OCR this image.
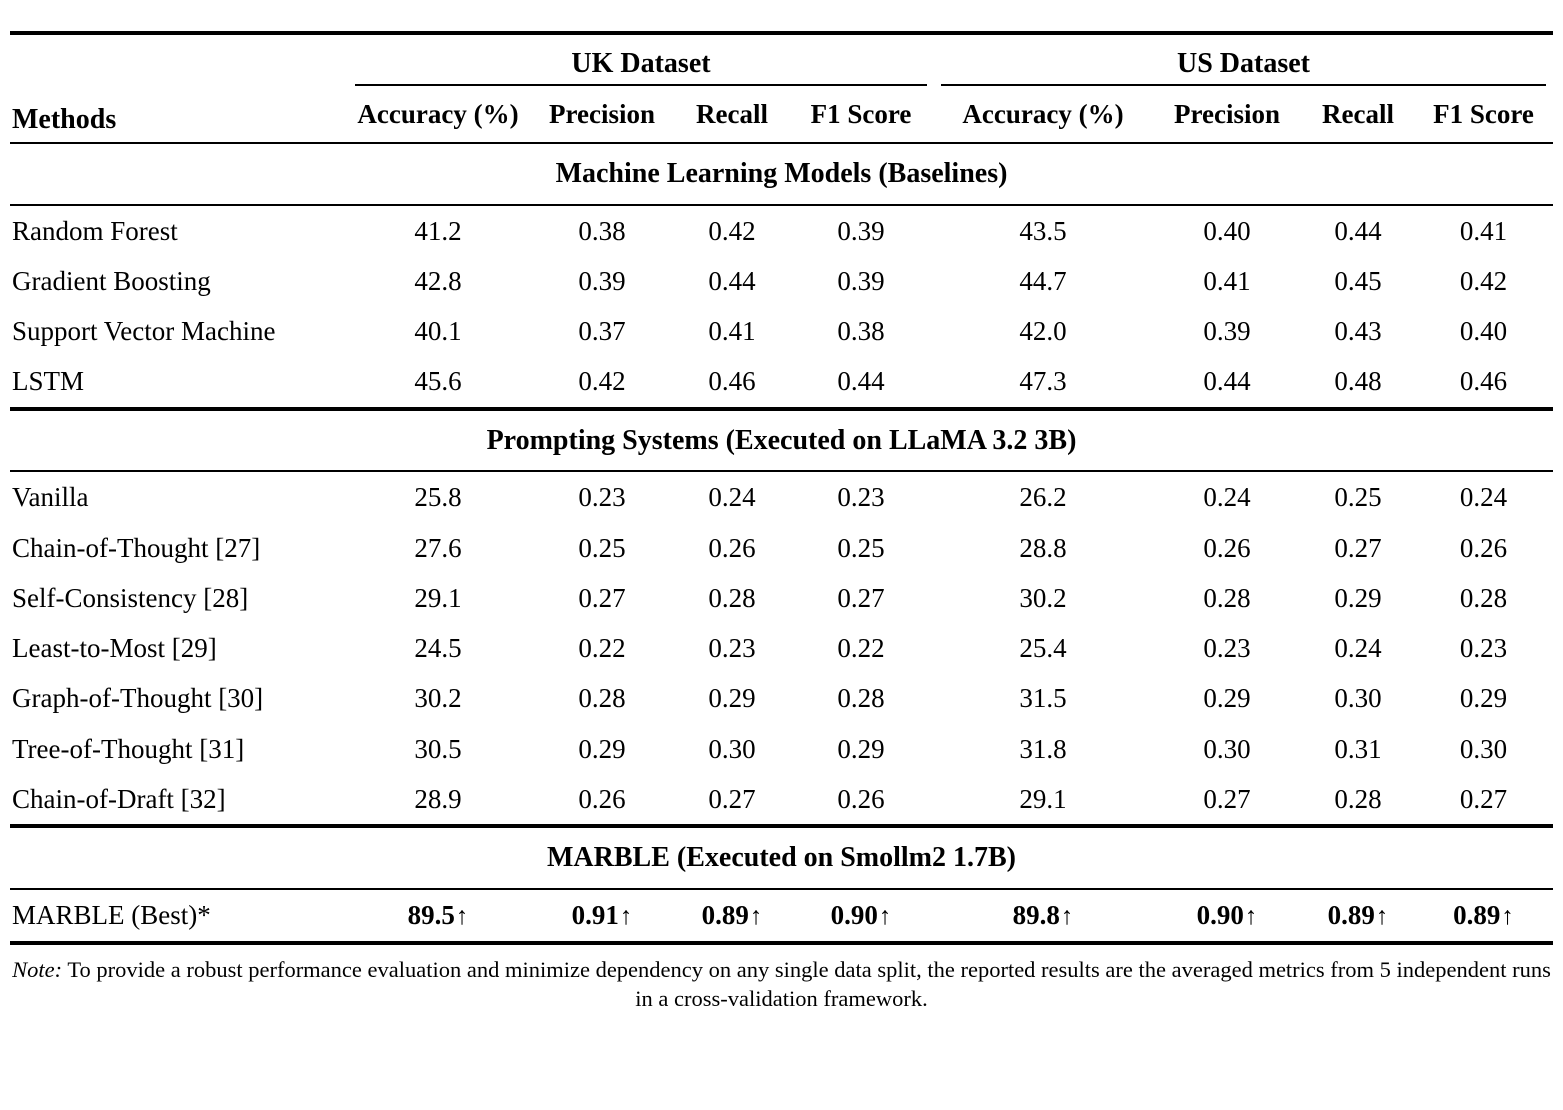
Methods	UK Dataset				US Dataset			

	Accuracy (%)	Precision	Recall	F1 Score	Accuracy (%)	Precision	Recall	F1 Score

Machine Learning Models (Baselines)								

Random Forest	41.2	0.38	0.42	0.39	43.5	0.40	0.44	0.41
Gradient Boosting	42.8	0.39	0.44	0.39	44.7	0.41	0.45	0.42
Support Vector Machine	40.1	0.37	0.41	0.38	42.0	0.39	0.43	0.40
LSTM	45.6	0.42	0.46	0.44	47.3	0.44	0.48	0.46

Prompting Systems (Executed on LLaMA 3.2 3B)								

Vanilla	25.8	0.23	0.24	0.23	26.2	0.24	0.25	0.24
Chain-of-Thought [27]	27.6	0.25	0.26	0.25	28.8	0.26	0.27	0.26
Self-Consistency [28]	29.1	0.27	0.28	0.27	30.2	0.28	0.29	0.28
Least-to-Most [29]	24.5	0.22	0.23	0.22	25.4	0.23	0.24	0.23
Graph-of-Thought [30]	30.2	0.28	0.29	0.28	31.5	0.29	0.30	0.29
Tree-of-Thought [31]	30.5	0.29	0.30	0.29	31.8	0.30	0.31	0.30
Chain-of-Draft [32]	28.9	0.26	0.27	0.26	29.1	0.27	0.28	0.27

MARBLE (Executed on Smollm2 1.7B)								

MARBLE (Best)*	89.5↑	0.91↑	0.89↑	0.90↑	89.8↑	0.90↑	0.89↑	0.89↑

Note: To provide a robust performance evaluation and minimize dependency on any single data split, the reported results are the averaged metrics from 5 independent runs in a cross-validation framework.
